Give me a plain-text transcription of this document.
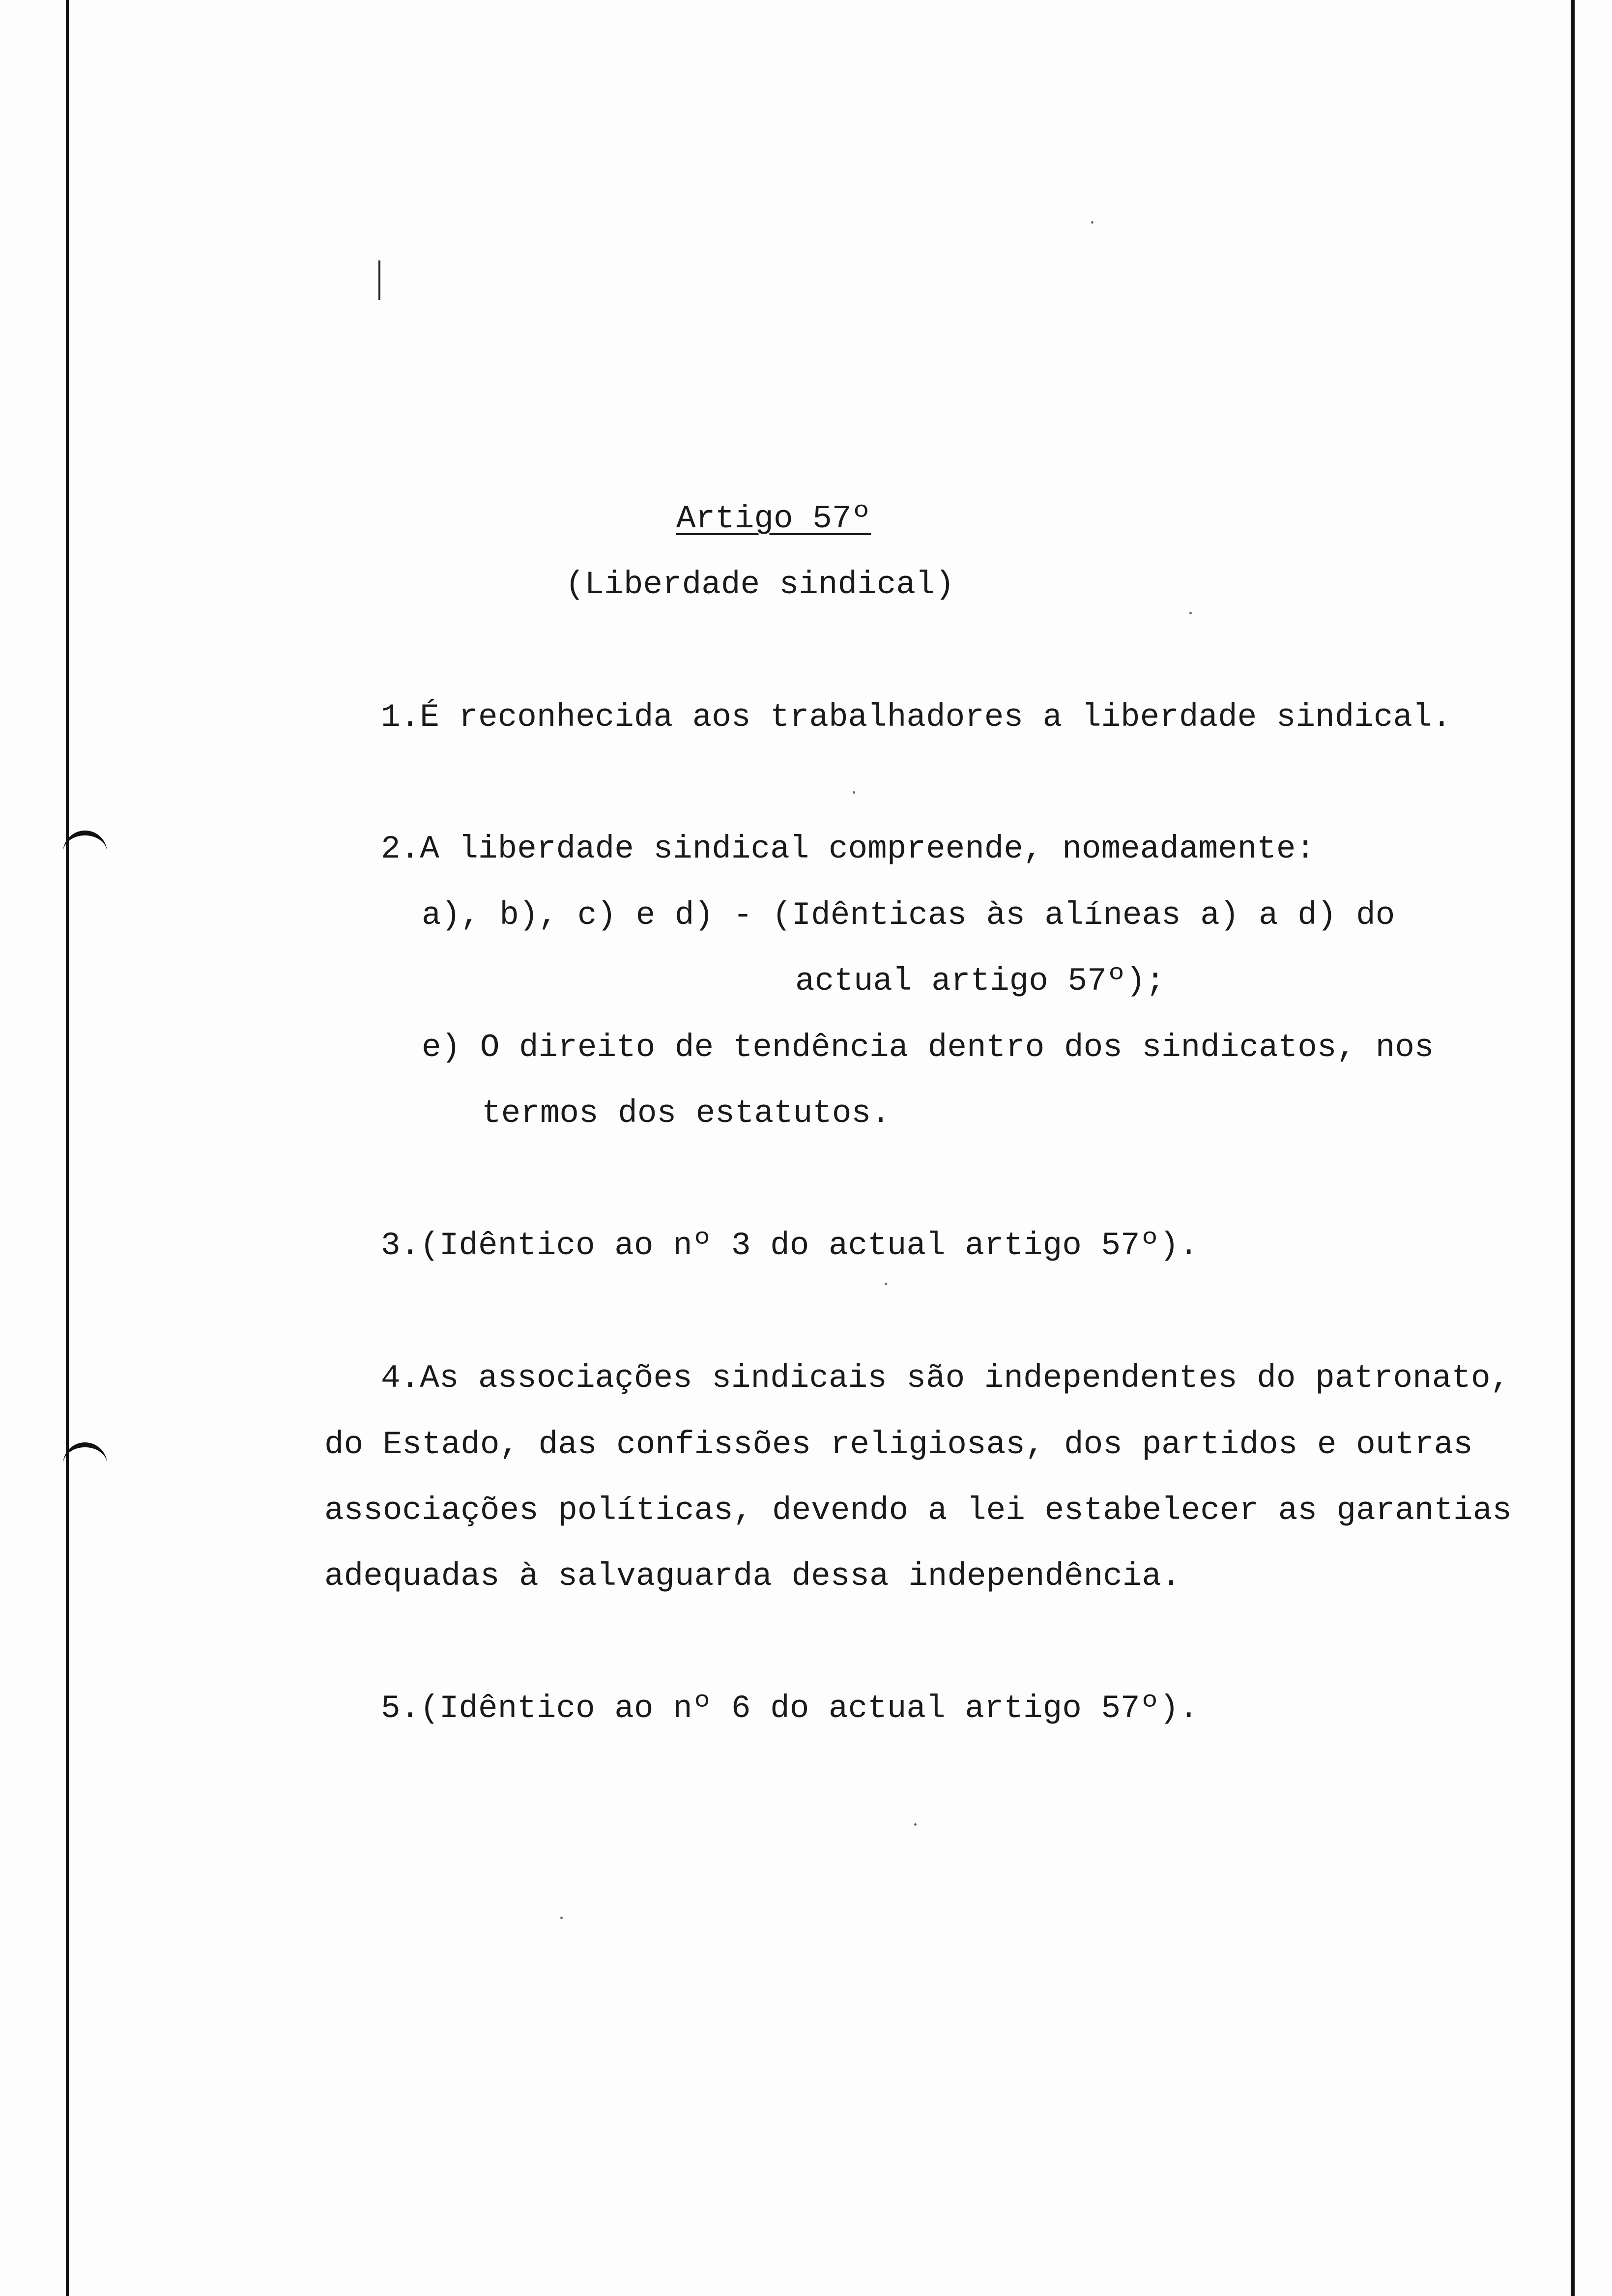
Artigo 57º
(Liberdade sindical)
1.É reconhecida aos trabalhadores a liberdade sindical.
2.A liberdade sindical compreende, nomeadamente:
a), b), c) e d) - (Idênticas às alíneas a) a d) do
actual artigo 57º);
e) O direito de tendência dentro dos sindicatos, nos
termos dos estatutos.
3.(Idêntico ao nº 3 do actual artigo 57º).
4.As associações sindicais são independentes do patronato,
do Estado, das confissões religiosas, dos partidos e outras
associações políticas, devendo a lei estabelecer as garantias
adequadas à salvaguarda dessa independência.
5.(Idêntico ao nº 6 do actual artigo 57º).
